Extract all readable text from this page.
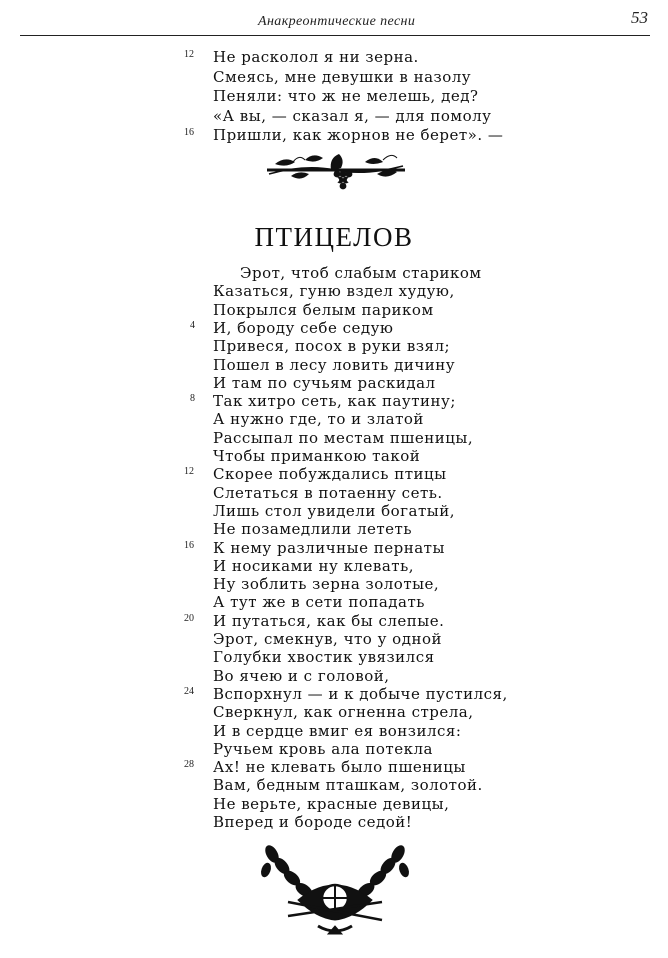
Анакреонтические песни	53
Не расколол я ни зерна.
12
Смеясь, мне девушки в назолу
Пеняли: что ж не мелешь, дед?
«А вы, — сказал я, — для помолу
Пришли, как жорнов не берет». —
16
ПТИЦЕЛОВ
Эрот, чтоб слабым стариком
Казаться, гуню вздел худую,
Покрылся белым париком
И, бороду себе седую
4
Привеся, посох в руки взял;
Пошел в лесу ловить дичину
И там по сучьям раскидал
Так хитро сеть, как паутину;
8
А нужно где, то и златой
Рассыпал по местам пшеницы,
Чтобы приманкою такой
Скорее побуждались птицы
12
Слетаться в потаенну сеть.
Лишь стол увидели богатый,
Не позамедлили лететь
К нему различные пернаты
16
И носиками ну клевать,
Ну зоблить зерна золотые,
А тут же в сети попадать
И путаться, как бы слепые.
20
Эрот, смекнув, что у одной
Голубки хвостик увязился
Во ячею и с головой,
Вспорхнул — и к добыче пустился,
24
Сверкнул, как огненна стрела,
И в сердце вмиг ея вонзился:
Ручьем кровь ала потекла
Ах! не клевать было пшеницы
28
Вам, бедным пташкам, золотой.
Не верьте, красные девицы,
Вперед и бороде седой!
